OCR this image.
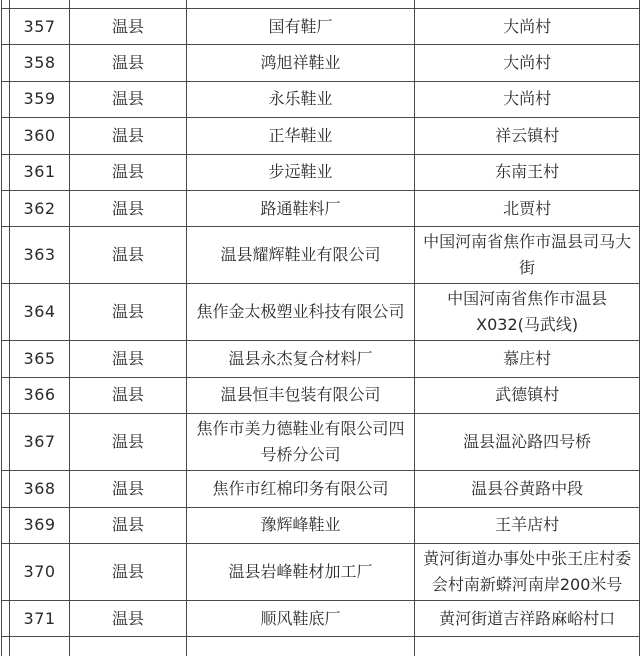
	357	温县	国有鞋厂	大尚村
	358	温县	鸿旭祥鞋业	大尚村
	359	温县	永乐鞋业	大尚村
	360	温县	正华鞋业	祥云镇村
	361	温县	步远鞋业	东南王村
	362	温县	路通鞋料厂	北贾村
	363	温县	温县耀辉鞋业有限公司	中国河南省焦作市温县司马大街
	364	温县	焦作金太极塑业科技有限公司	中国河南省焦作市温县X032(马武线)
	365	温县	温县永杰复合材料厂	慕庄村
	366	温县	温县恒丰包装有限公司	武德镇村
	367	温县	焦作市美力德鞋业有限公司四号桥分公司	温县温沁路四号桥
	368	温县	焦作市红棉印务有限公司	温县谷黄路中段
	369	温县	豫辉峰鞋业	王羊店村
	370	温县	温县岩峰鞋材加工厂	黄河街道办事处中张王庄村委会村南新蟒河南岸200米号
	371	温县	顺风鞋底厂	黄河街道吉祥路麻峪村口
